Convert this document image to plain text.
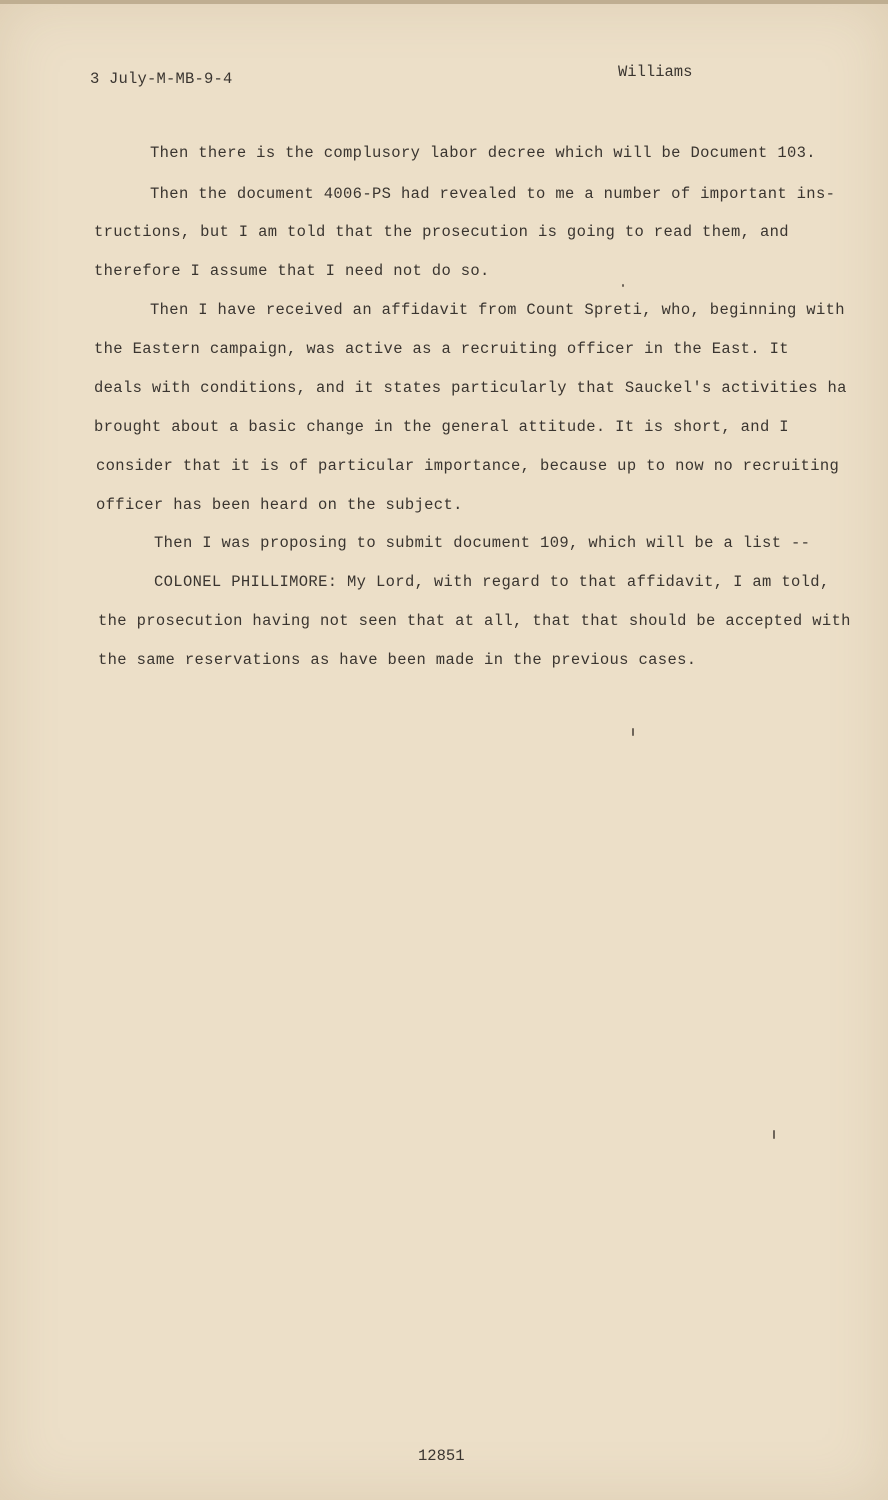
3 July-M-MB-9-4	Williams
Then there is the complusory labor decree which will be Document 103.
Then the document 4006-PS had revealed to me a number of important ins-
tructions, but I am told that the prosecution is going to read them, and
therefore I assume that I need not do so.
Then I have received an affidavit from Count Spreti, who, beginning with
the Eastern campaign, was active as a recruiting officer in the East. It
deals with conditions, and it states particularly that Sauckel's activities ha
brought about a basic change in the general attitude. It is short, and I
consider that it is of particular importance, because up to now no recruiting
officer has been heard on the subject.
Then I was proposing to submit document 109, which will be a list --
COLONEL PHILLIMORE: My Lord, with regard to that affidavit, I am told,
the prosecution having not seen that at all, that that should be accepted with
the same reservations as have been made in the previous cases.
12851
